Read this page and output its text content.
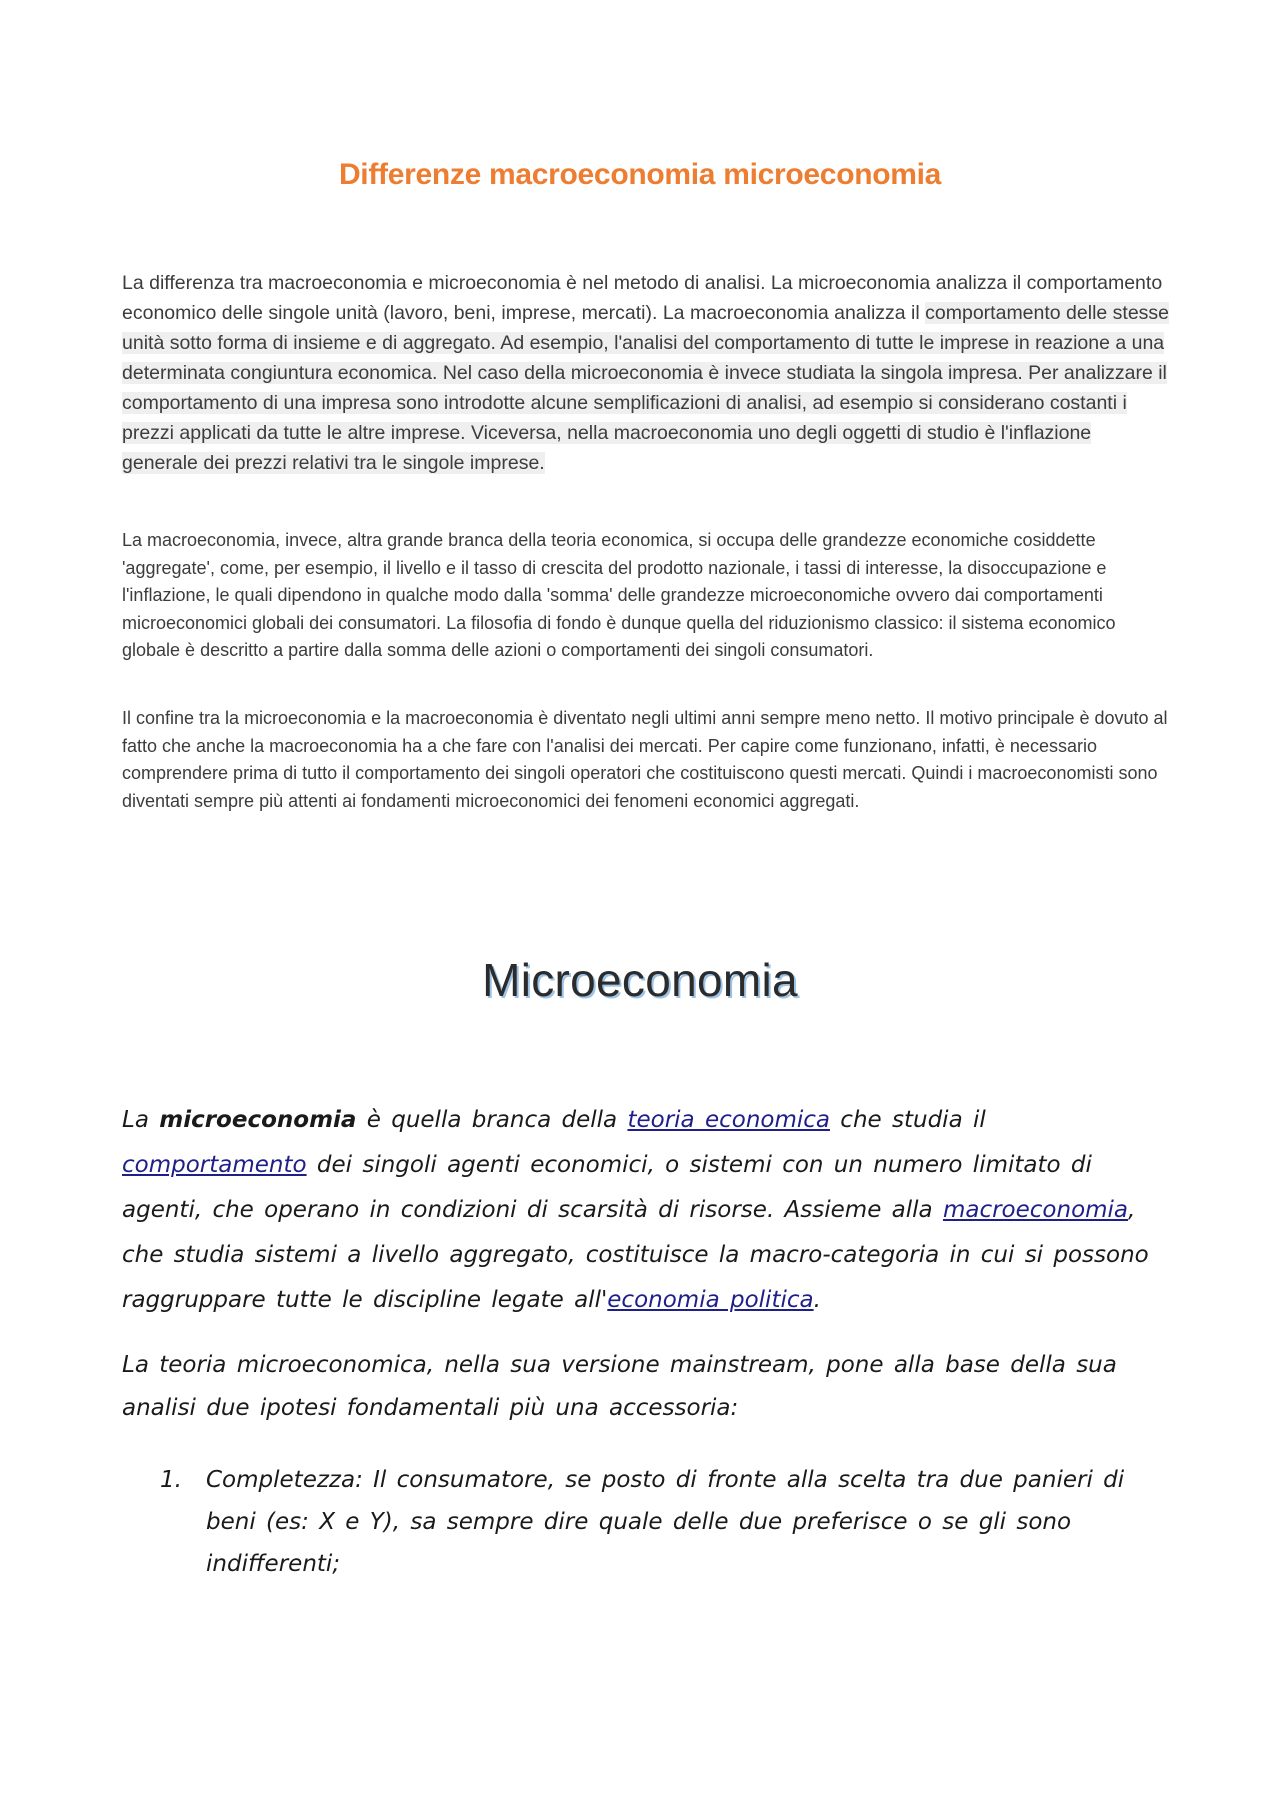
Differenze macroeconomia microeconomia
La differenza tra macroeconomia e microeconomia è nel metodo di analisi. La microeconomia analizza il comportamento economico delle singole unità (lavoro, beni, imprese, mercati). La macroeconomia analizza il comportamento delle stesse unità sotto forma di insieme e di aggregato. Ad esempio, l'analisi del comportamento di tutte le imprese in reazione a una determinata congiuntura economica. Nel caso della microeconomia è invece studiata la singola impresa. Per analizzare il comportamento di una impresa sono introdotte alcune semplificazioni di analisi, ad esempio si considerano costanti i prezzi applicati da tutte le altre imprese. Viceversa, nella macroeconomia uno degli oggetti di studio è l'inflazione generale dei prezzi relativi tra le singole imprese.
La macroeconomia, invece, altra grande branca della teoria economica, si occupa delle grandezze economiche cosiddette 'aggregate', come, per esempio, il livello e il tasso di crescita del prodotto nazionale, i tassi di interesse, la disoccupazione e l'inflazione, le quali dipendono in qualche modo dalla 'somma' delle grandezze microeconomiche ovvero dai comportamenti microeconomici globali dei consumatori. La filosofia di fondo è dunque quella del riduzionismo classico: il sistema economico globale è descritto a partire dalla somma delle azioni o comportamenti dei singoli consumatori.
Il confine tra la microeconomia e la macroeconomia è diventato negli ultimi anni sempre meno netto. Il motivo principale è dovuto al fatto che anche la macroeconomia ha a che fare con l'analisi dei mercati. Per capire come funzionano, infatti, è necessario comprendere prima di tutto il comportamento dei singoli operatori che costituiscono questi mercati. Quindi i macroeconomisti sono diventati sempre più attenti ai fondamenti microeconomici dei fenomeni economici aggregati.
Microeconomia
La microeconomia è quella branca della teoria economica che studia il comportamento dei singoli agenti economici, o sistemi con un numero limitato di agenti, che operano in condizioni di scarsità di risorse. Assieme alla macroeconomia, che studia sistemi a livello aggregato, costituisce la macro-categoria in cui si possono raggruppare tutte le discipline legate all'economia politica.
La teoria microeconomica, nella sua versione mainstream, pone alla base della sua analisi due ipotesi fondamentali più una accessoria:
1. Completezza: Il consumatore, se posto di fronte alla scelta tra due panieri di beni (es: X e Y), sa sempre dire quale delle due preferisce o se gli sono indifferenti;
